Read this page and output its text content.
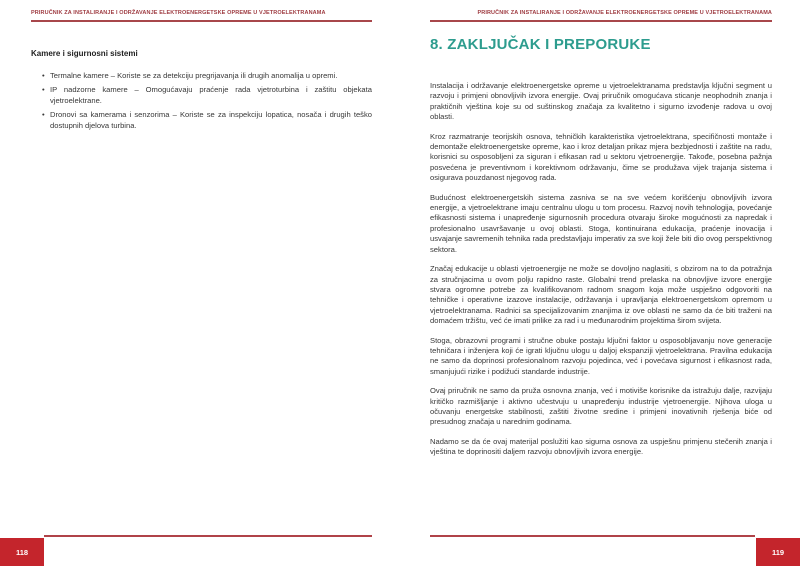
PRIRUČNIK ZA INSTALIRANJE I ODRŽAVANJE ELEKTROENERGETSKE OPREME U VJETROELEKTRANAMA
Kamere i sigurnosni sistemi
• Termalne kamere – Koriste se za detekciju pregrijavanja ili drugih anomalija u opremi.
• IP nadzorne kamere – Omogućavaju praćenje rada vjetroturbina i zaštitu objekata vjetroelektrane.
• Dronovi sa kamerama i senzorima – Koriste se za inspekciju lopatica, nosača i drugih teško dostupnih djelova turbina.
118
PRIRUČNIK ZA INSTALIRANJE I ODRŽAVANJE ELEKTROENERGETSKE OPREME U VJETROELEKTRANAMA
8. ZAKLJUČAK I PREPORUKE

Instalacija i održavanje elektroenergetske opreme u vjetroelektranama predstavlja ključni segment u razvoju i primjeni obnovljivih izvora energije. Ovaj priručnik omogućava sticanje neophodnih znanja i praktičnih vještina koje su od suštinskog značaja za kvalitetno i sigurno izvođenje radova u ovoj oblasti.

Kroz razmatranje teorijskih osnova, tehničkih karakteristika vjetroelektrana, specifičnosti montaže i demontaže elektroenergetske opreme, kao i kroz detaljan prikaz mjera bezbjednosti i zaštite na radu, korisnici su osposobljeni za siguran i efikasan rad u sektoru vjetroenergije. Takođe, posebna pažnja posvećena je preventivnom i korektivnom održavanju, čime se produžava vijek trajanja sistema i osigurava pouzdanost njegovog rada.

Budućnost elektroenergetskih sistema zasniva se na sve većem korišćenju obnovljivih izvora energije, a vjetroelektrane imaju centralnu ulogu u tom procesu. Razvoj novih tehnologija, povećanje efikasnosti sistema i unapređenje sigurnosnih procedura otvaraju široke mogućnosti za napredak i profesionalno usavršavanje u ovoj oblasti. Stoga, kontinuirana edukacija, praćenje inovacija i usvajanje savremenih tehnika rada predstavljaju imperativ za sve koji žele biti dio ovog perspektivnog sektora.

Značaj edukacije u oblasti vjetroenergije ne može se dovoljno naglasiti, s obzirom na to da potražnja za stručnjacima u ovom polju rapidno raste. Globalni trend prelaska na obnovljive izvore energije stvara ogromne potrebe za kvalifikovanom radnom snagom koja može uspješno odgovoriti na tehničke i operativne izazove instalacije, održavanja i upravljanja elektroenergetskom opremom u vjetroelektranama. Radnici sa specijalizovanim znanjima iz ove oblasti ne samo da će biti traženi na domaćem tržištu, već će imati prilike za rad i u međunarodnim projektima širom svijeta.

Stoga, obrazovni programi i stručne obuke postaju ključni faktor u osposobljavanju nove generacije tehničara i inženjera koji će igrati ključnu ulogu u daljoj ekspanziji vjetroelektrana. Pravilna edukacija ne samo da doprinosi profesionalnom razvoju pojedinca, već i povećava sigurnost i efikasnost rada, smanjujući rizike i podižući standarde industrije.

Ovaj priručnik ne samo da pruža osnovna znanja, već i motiviše korisnike da istražuju dalje, razvijaju kritičko razmišljanje i aktivno učestvuju u unapređenju industrije vjetroenergije. Njihova uloga u očuvanju energetske stabilnosti, zaštiti životne sredine i primjeni inovativnih rješenja biće od presudnog značaja u narednim godinama.

Nadamo se da će ovaj materijal poslužiti kao sigurna osnova za uspješnu primjenu stečenih znanja i vještina te doprinositi daljem razvoju obnovljivih izvora energije.

119
